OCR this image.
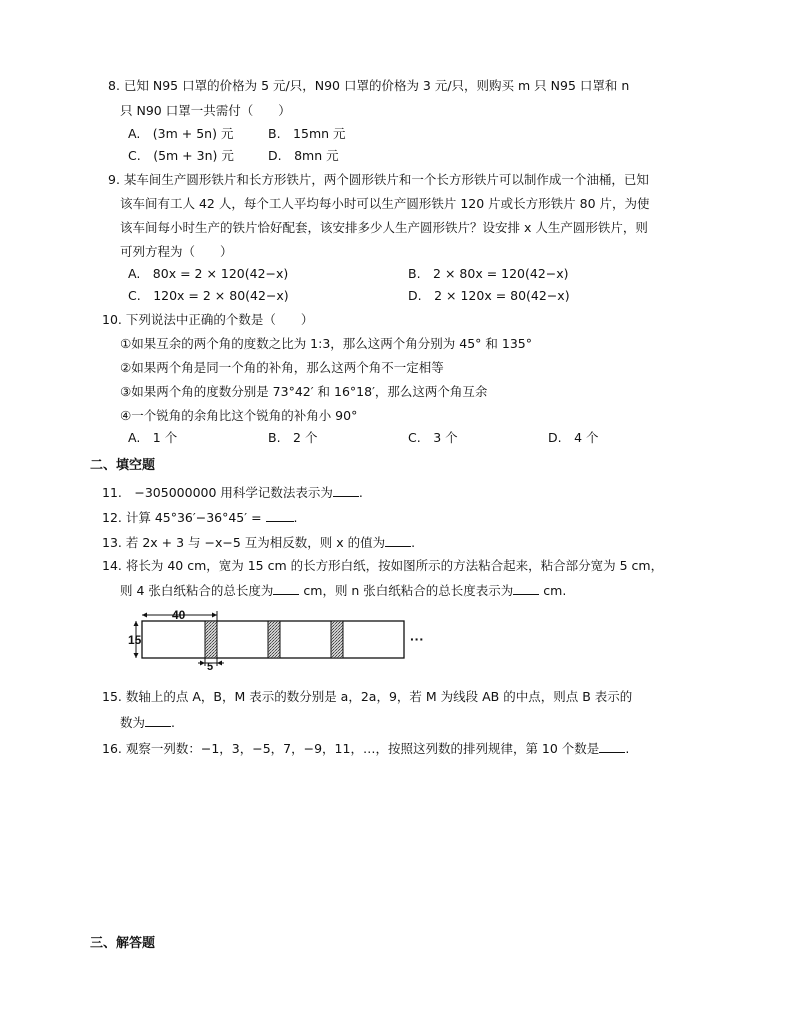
8. 已知 N95 口罩的价格为 5 元/只，N90 口罩的价格为 3 元/只，则购买 m 只 N95 口罩和 n
只 N90 口罩一共需付（　　）
A.　(3m + 5n) 元	B.　15mn 元
C.　(5m + 3n) 元	D.　8mn 元
9. 某车间生产圆形铁片和长方形铁片，两个圆形铁片和一个长方形铁片可以制作成一个油桶，已知
该车间有工人 42 人，每个工人平均每小时可以生产圆形铁片 120 片或长方形铁片 80 片，为使
该车间每小时生产的铁片恰好配套，该安排多少人生产圆形铁片？设安排 x 人生产圆形铁片，则
可列方程为（　　）
A.　80x = 2 × 120(42−x)	B.　2 × 80x = 120(42−x)
C.　120x = 2 × 80(42−x)	D.　2 × 120x = 80(42−x)
10. 下列说法中正确的个数是（　　）
①如果互余的两个角的度数之比为 1:3，那么这两个角分别为 45° 和 135°
②如果两个角是同一个角的补角，那么这两个角不一定相等
③如果两个角的度数分别是 73°42′ 和 16°18′，那么这两个角互余
④一个锐角的余角比这个锐角的补角小 90°
A.　1 个	B.　2 个	C.　3 个	D.　4 个
二、填空题
11.　−305000000 用科学记数法表示为 .
12. 计算 45°36′−36°45′ =	.
13. 若 2x + 3 与 −x−5 互为相反数，则 x 的值为 .
14. 将长为 40 cm，宽为 15 cm 的长方形白纸，按如图所示的方法粘合起来，粘合部分宽为 5 cm，
则 4 张白纸粘合的总长度为 cm，则 n 张白纸粘合的总长度表示为 cm.
40
15
5
···
15. 数轴上的点 A，B，M 表示的数分别是 a，2a，9，若 M 为线段 AB 的中点，则点 B 表示的
数为 .
16. 观察一列数：−1，3，−5，7，−9，11，…，按照这列数的排列规律，第 10 个数是 .
三、解答题
